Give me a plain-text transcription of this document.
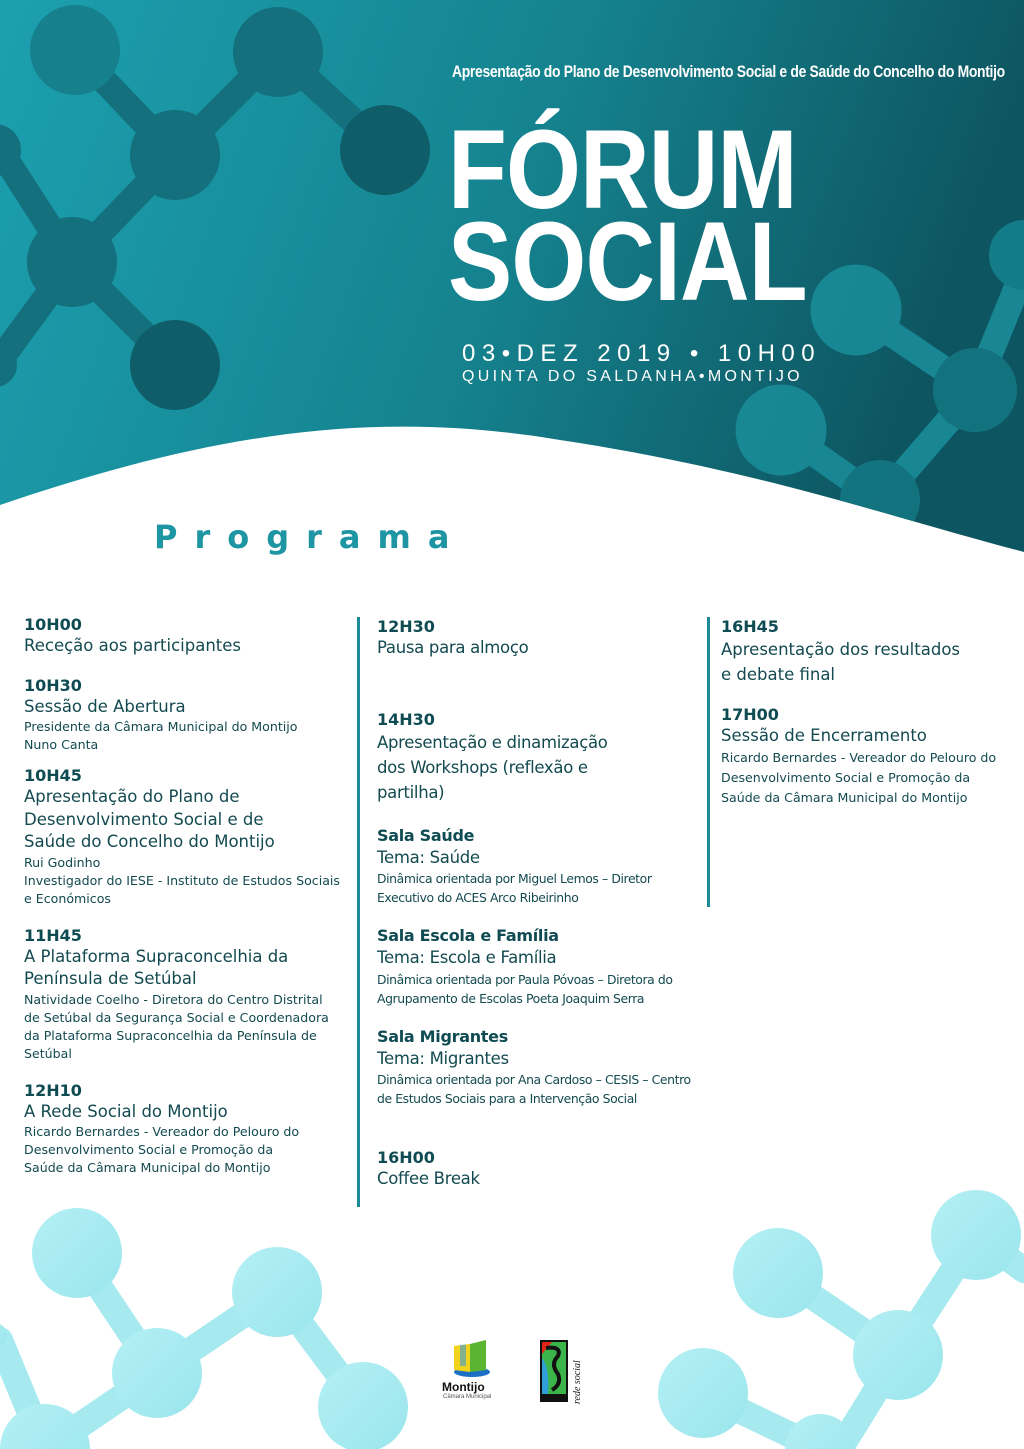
Apresentação do Plano de Desenvolvimento Social e de Saúde do Concelho do Montijo
FÓRUM
SOCIAL
03•DEZ 2019 • 10H00
QUINTA DO SALDANHA•MONTIJO
Programa
10H00
Receção aos participantes
10H30
Sessão de Abertura
Presidente da Câmara Municipal do Montijo
Nuno Canta
10H45
Apresentação do Plano de Desenvolvimento Social e de Saúde do Concelho do Montijo
Rui Godinho
Investigador do IESE - Instituto de Estudos Sociais e Económicos
11H45
A Plataforma Supraconcelhia da Península de Setúbal
Natividade Coelho - Diretora do Centro Distrital de Setúbal da Segurança Social e Coordenadora da Plataforma Supraconcelhia da Península de Setúbal
12H10
A Rede Social do Montijo
Ricardo Bernardes - Vereador do Pelouro do Desenvolvimento Social e Promoção da Saúde da Câmara Municipal do Montijo
12H30
Pausa para almoço
14H30
Apresentação e dinamização dos Workshops (reflexão e partilha)
Sala Saúde
Tema: Saúde
Dinâmica orientada por Miguel Lemos – Diretor Executivo do ACES Arco Ribeirinho
Sala Escola e Família
Tema: Escola e Família
Dinâmica orientada por Paula Póvoas – Diretora do Agrupamento de Escolas Poeta Joaquim Serra
Sala Migrantes
Tema: Migrantes
Dinâmica orientada por Ana Cardoso – CESIS – Centro de Estudos Sociais para a Intervenção Social
16H00
Coffee Break
16H45
Apresentação dos resultados e debate final
17H00
Sessão de Encerramento
Ricardo Bernardes - Vereador do Pelouro do Desenvolvimento Social e Promoção da Saúde da Câmara Municipal do Montijo
Montijo
Câmara Municipal	rede social
